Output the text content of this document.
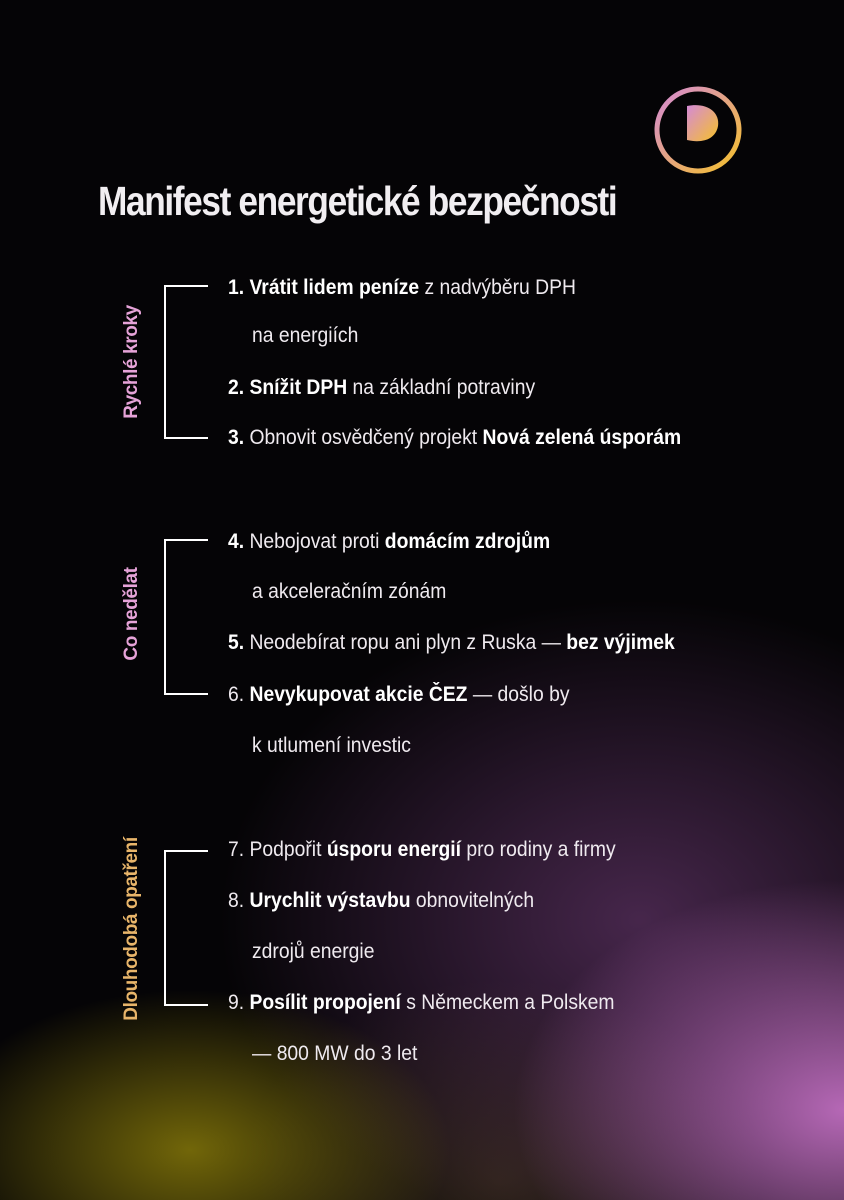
Manifest energetické bezpečnosti
Rychlé kroky
1. Vrátit lidem peníze z nadvýběru DPH
na energiích
2. Snížit DPH na základní potraviny
3. Obnovit osvědčený projekt Nová zelená úsporám
Co nedělat
4. Nebojovat proti domácím zdrojům
a akceleračním zónám
5. Neodebírat ropu ani plyn z Ruska — bez výjimek
6. Nevykupovat akcie ČEZ — došlo by
k utlumení investic
Dlouhodobá opatření	7. Podpořit úsporu energií pro rodiny a firmy
8. Urychlit výstavbu obnovitelných
zdrojů energie
9. Posílit propojení s Německem a Polskem
— 800 MW do 3 let
